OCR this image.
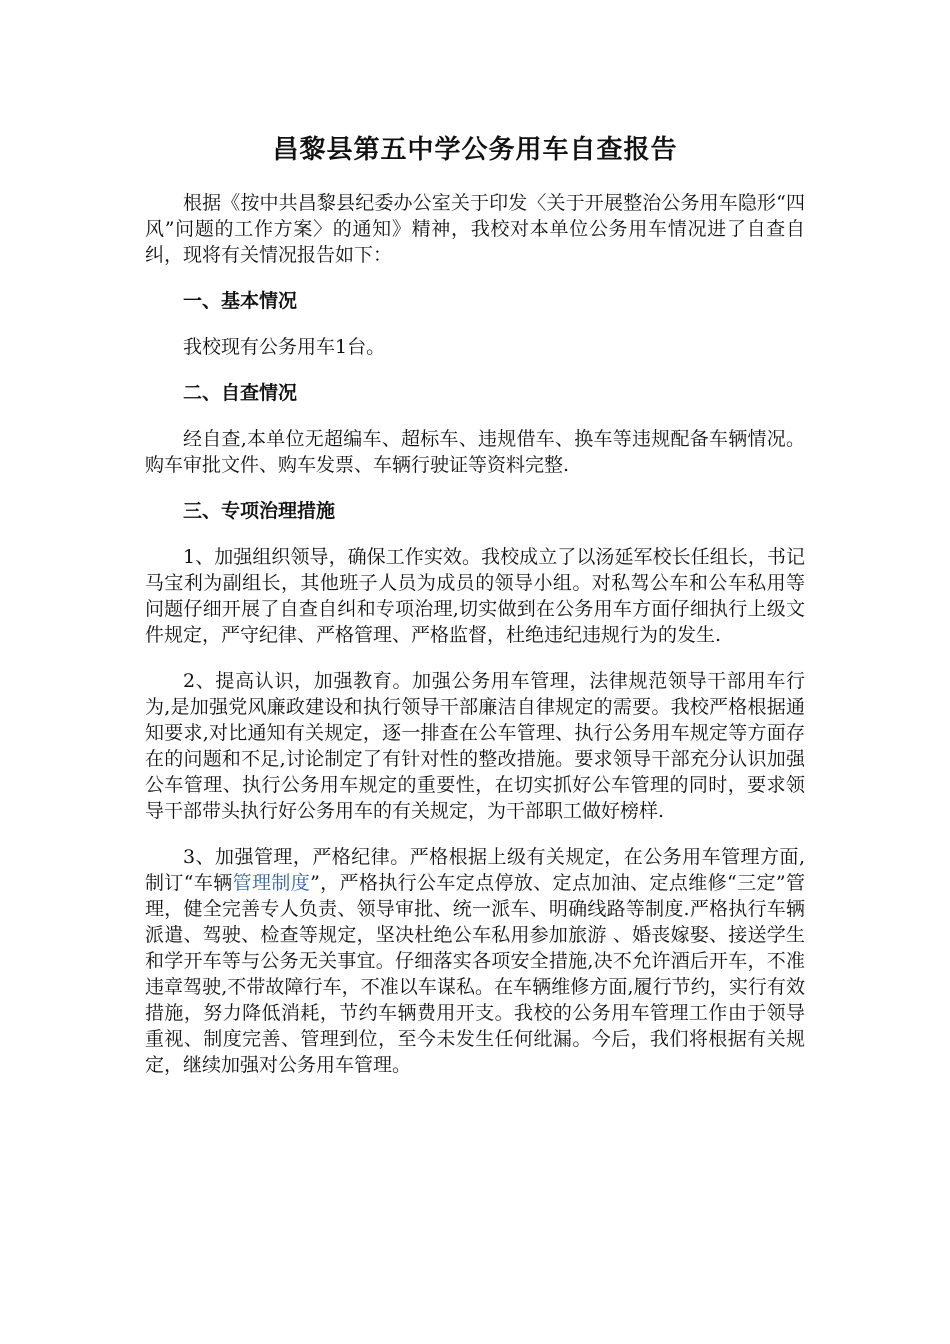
昌黎县第五中学公务用车自查报告

根据《按中共昌黎县纪委办公室关于印发〈关于开展整治公务用车隐形“四风”问题的工作方案〉的通知》精神，我校对本单位公务用车情况进了自查自纠，现将有关情况报告如下：

一、基本情况

我校现有公务用车1台。

二、自查情况

经自查,本单位无超编车、超标车、违规借车、换车等违规配备车辆情况。购车审批文件、购车发票、车辆行驶证等资料完整.

三、专项治理措施

1、加强组织领导，确保工作实效。我校成立了以汤延军校长任组长，书记马宝利为副组长，其他班子人员为成员的领导小组。对私驾公车和公车私用等问题仔细开展了自查自纠和专项治理,切实做到在公务用车方面仔细执行上级文件规定，严守纪律、严格管理、严格监督，杜绝违纪违规行为的发生.

2、提高认识，加强教育。加强公务用车管理，法律规范领导干部用车行为,是加强党风廉政建设和执行领导干部廉洁自律规定的需要。我校严格根据通知要求,对比通知有关规定，逐一排查在公车管理、执行公务用车规定等方面存在的问题和不足,讨论制定了有针对性的整改措施。要求领导干部充分认识加强公车管理、执行公务用车规定的重要性，在切实抓好公车管理的同时，要求领导干部带头执行好公务用车的有关规定，为干部职工做好榜样.

3、加强管理，严格纪律。严格根据上级有关规定，在公务用车管理方面,制订“车辆管理制度”，严格执行公车定点停放、定点加油、定点维修“三定”管理，健全完善专人负责、领导审批、统一派车、明确线路等制度.严格执行车辆派遣、驾驶、检查等规定，坚决杜绝公车私用参加旅游 、婚丧嫁娶、接送学生和学开车等与公务无关事宜。仔细落实各项安全措施,决不允许酒后开车，不准违章驾驶,不带故障行车，不准以车谋私。在车辆维修方面,履行节约，实行有效措施，努力降低消耗，节约车辆费用开支。我校的公务用车管理工作由于领导重视、制度完善、管理到位，至今未发生任何纰漏。今后，我们将根据有关规定，继续加强对公务用车管理。
